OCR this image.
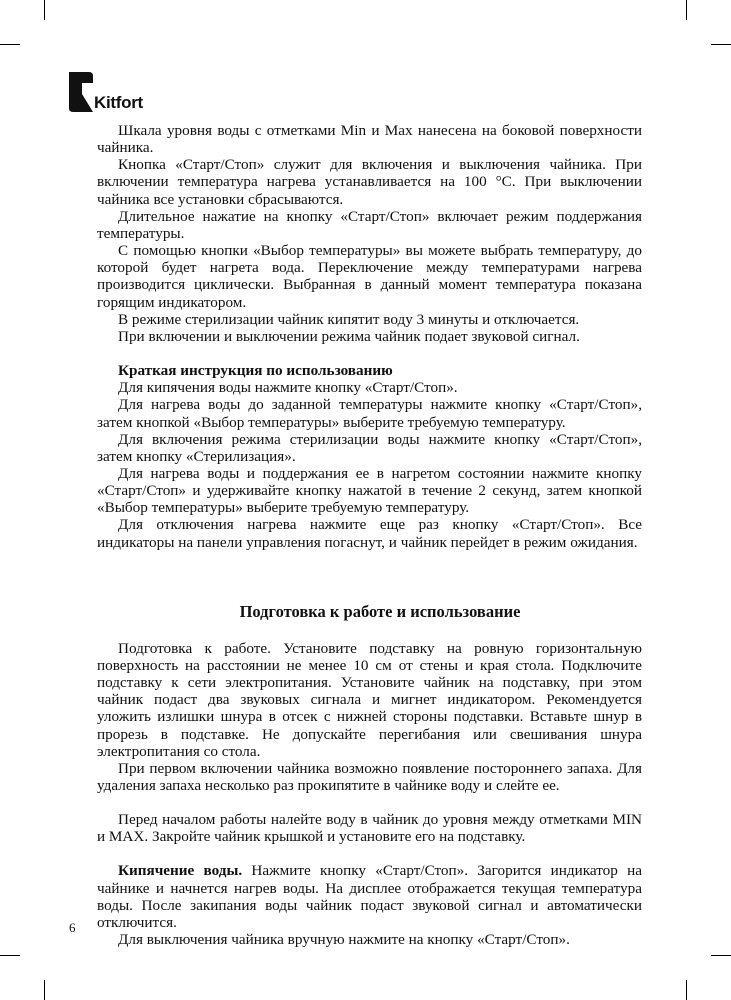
Kitfort

Шкала уровня воды с отметками Min и Max нанесена на боковой поверхности чайника.

Кнопка «Старт/Стоп» служит для включения и выключения чайника. При включении температура нагрева устанавливается на 100 °C. При выключении чайника все установки сбрасываются.

Длительное нажатие на кнопку «Старт/Стоп» включает режим поддержания температуры.

С помощью кнопки «Выбор температуры» вы можете выбрать температуру, до которой будет нагрета вода. Переключение между температурами нагрева производится циклически. Выбранная в данный момент температура показана горящим индикатором.

В режиме стерилизации чайник кипятит воду 3 минуты и отключается.

При включении и выключении режима чайник подает звуковой сигнал.

Краткая инструкция по использованию

Для кипячения воды нажмите кнопку «Старт/Стоп».

Для нагрева воды до заданной температуры нажмите кнопку «Старт/Стоп», затем кнопкой «Выбор температуры» выберите требуемую температуру.

Для включения режима стерилизации воды нажмите кнопку «Старт/Стоп», затем кнопку «Стерилизация».

Для нагрева воды и поддержания ее в нагретом состоянии нажмите кнопку «Старт/Стоп» и удерживайте кнопку нажатой в течение 2 секунд, затем кнопкой «Выбор температуры» выберите требуемую температуру.

Для отключения нагрева нажмите еще раз кнопку «Старт/Стоп». Все индикаторы на панели управления погаснут, и чайник перейдет в режим ожидания.

Подготовка к работе и использование

Подготовка к работе. Установите подставку на ровную горизонтальную поверхность на расстоянии не менее 10 см от стены и края стола. Подключите подставку к сети электропитания. Установите чайник на подставку, при этом чайник подаст два звуковых сигнала и мигнет индикатором. Рекомендуется уложить излишки шнура в отсек с нижней стороны подставки. Вставьте шнур в прорезь в подставке. Не допускайте перегибания или свешивания шнура электропитания со стола.

При первом включении чайника возможно появление постороннего запаха. Для удаления запаха несколько раз прокипятите в чайнике воду и слейте ее.

Перед началом работы налейте воду в чайник до уровня между отметками MIN и MAX. Закройте чайник крышкой и установите его на подставку.

Кипячение воды. Нажмите кнопку «Старт/Стоп». Загорится индикатор на чайнике и начнется нагрев воды. На дисплее отображается текущая температура воды. После закипания воды чайник подаст звуковой сигнал и автоматически отключится.

Для выключения чайника вручную нажмите на кнопку «Старт/Стоп».

6
